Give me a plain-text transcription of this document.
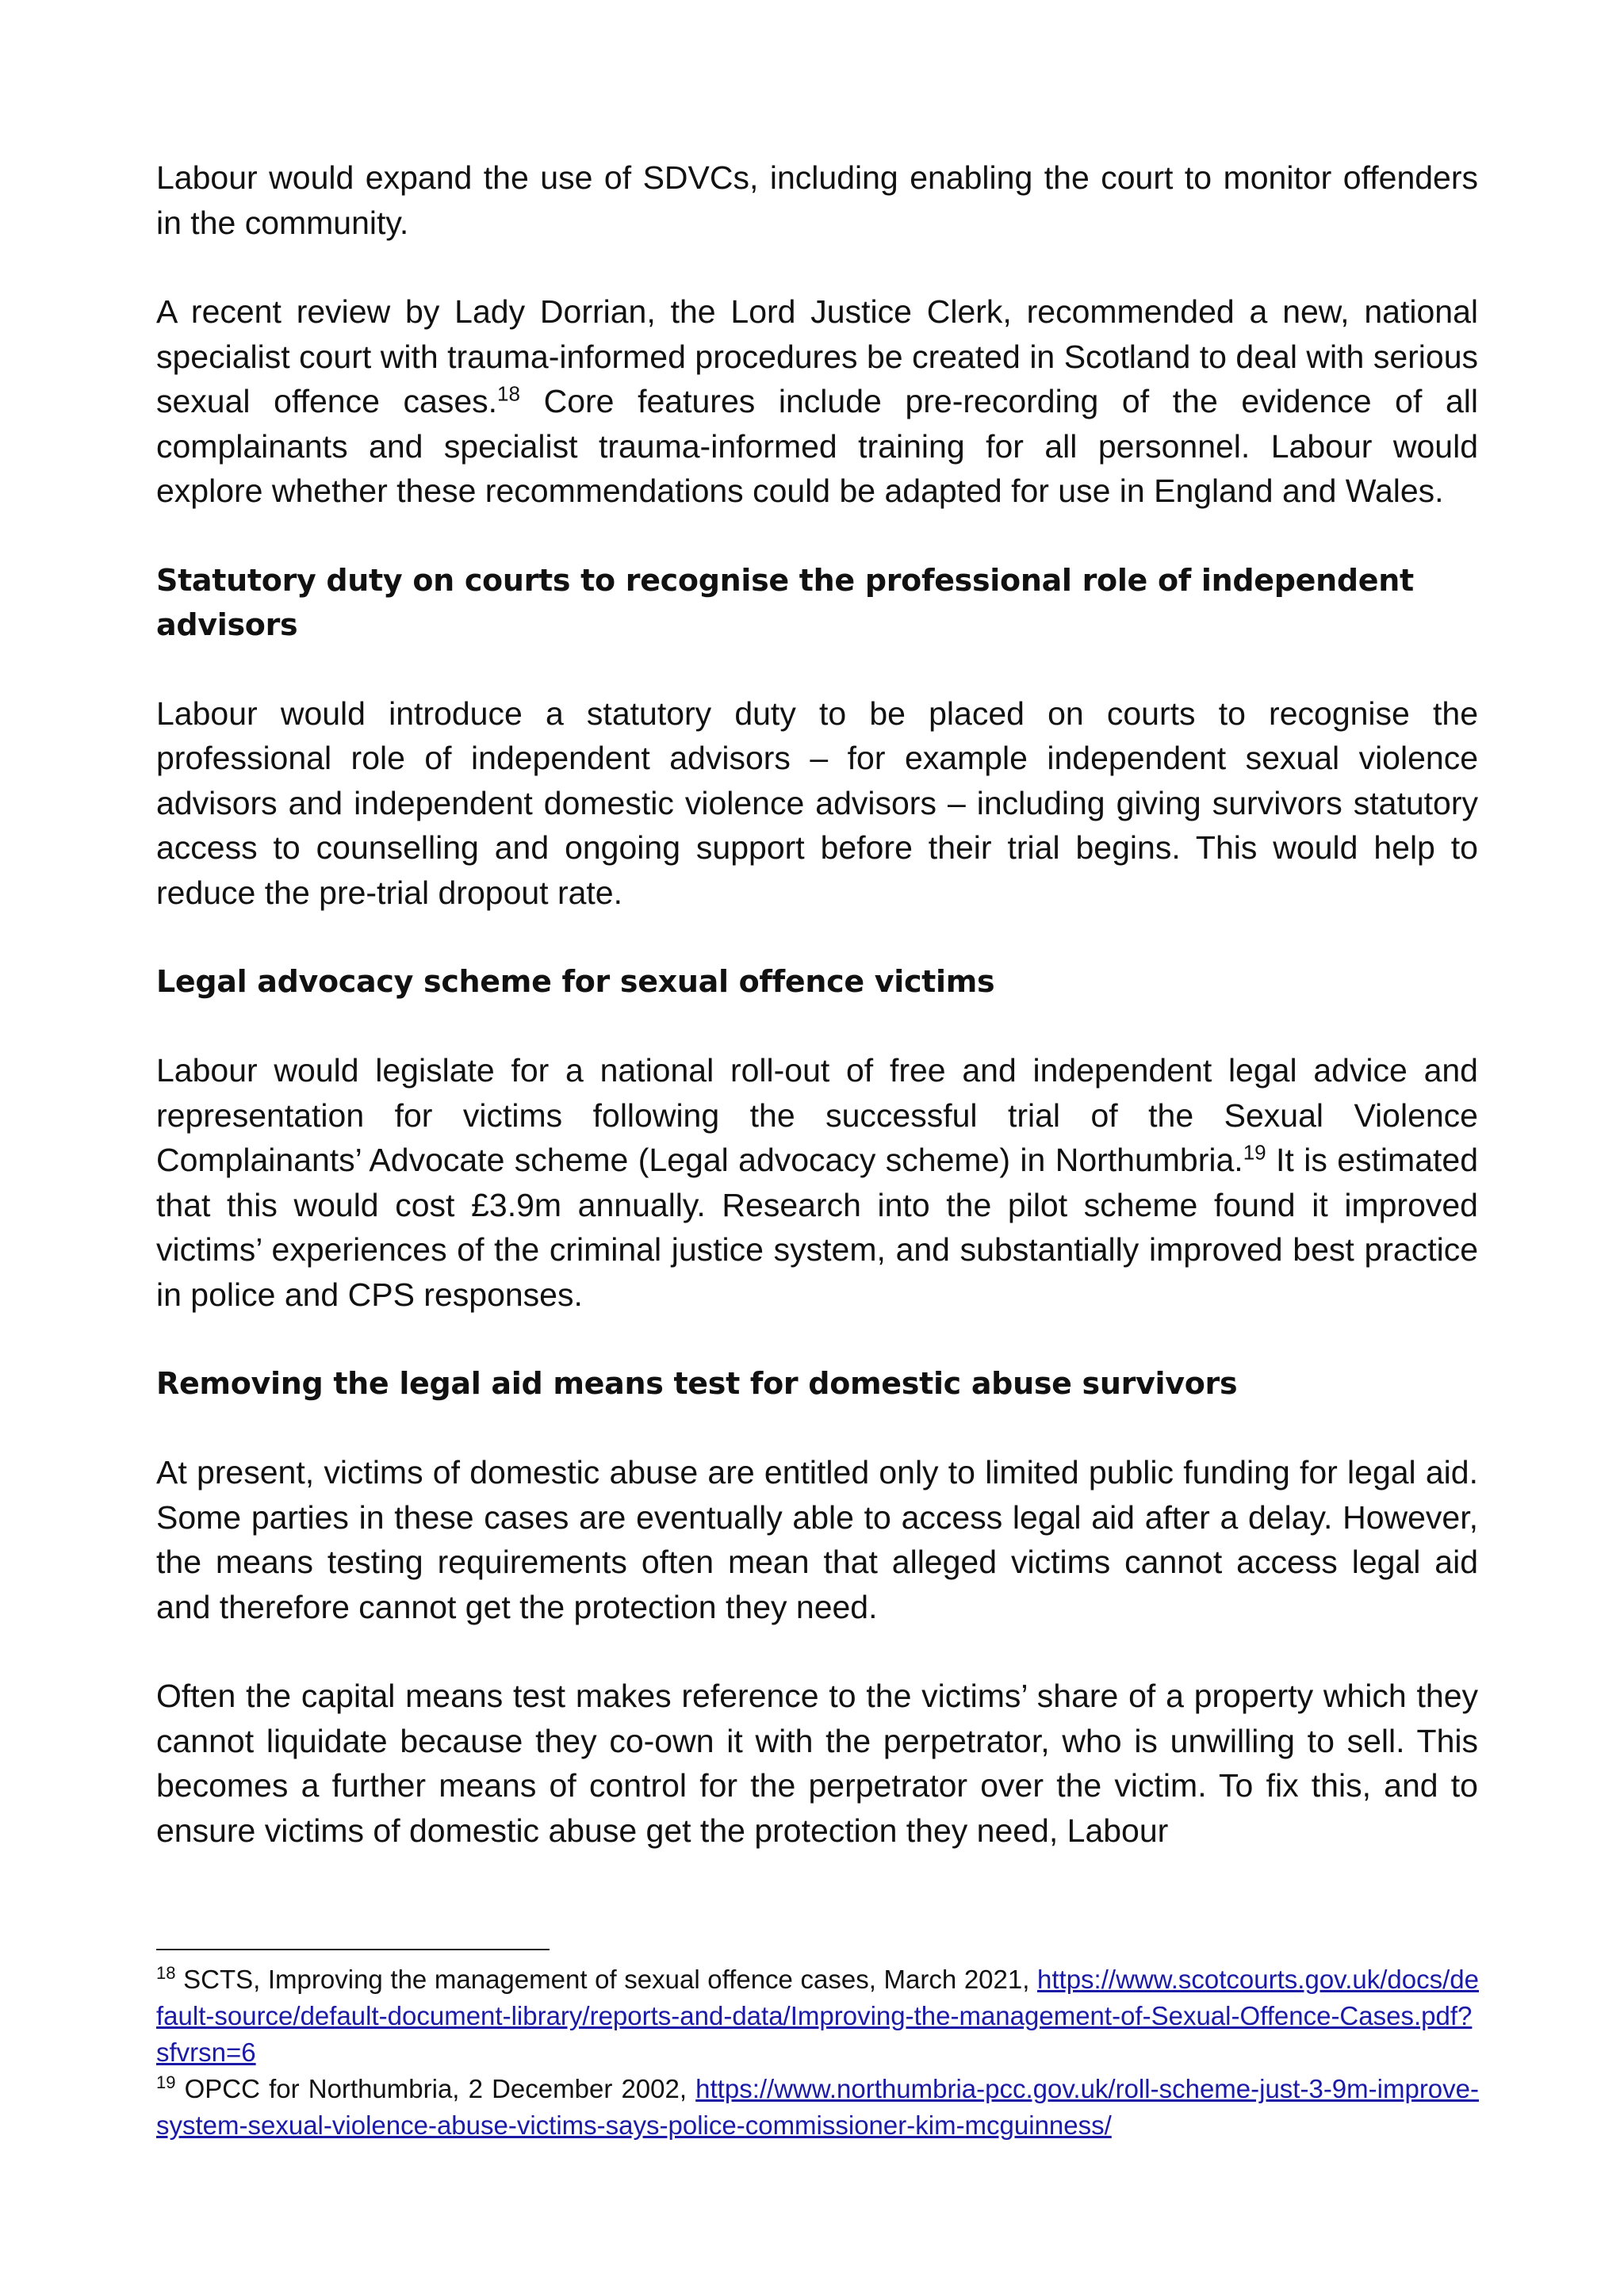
Labour would expand the use of SDVCs, including enabling the court to monitor offenders in the community.

A recent review by Lady Dorrian, the Lord Justice Clerk, recommended a new, national specialist court with trauma-informed procedures be created in Scotland to deal with serious sexual offence cases.$^{18}$ Core features include pre-recording of the evidence of all complainants and specialist trauma-informed training for all personnel. Labour would explore whether these recommendations could be adapted for use in England and Wales.

Statutory duty on courts to recognise the professional role of independent advisors

Labour would introduce a statutory duty to be placed on courts to recognise the professional role of independent advisors – for example independent sexual violence advisors and independent domestic violence advisors – including giving survivors statutory access to counselling and ongoing support before their trial begins. This would help to reduce the pre-trial dropout rate.

Legal advocacy scheme for sexual offence victims

Labour would legislate for a national roll-out of free and independent legal advice and representation for victims following the successful trial of the Sexual Violence Complainants’ Advocate scheme (Legal advocacy scheme) in Northumbria.$^{19}$ It is estimated that this would cost £3.9m annually. Research into the pilot scheme found it improved victims’ experiences of the criminal justice system, and substantially improved best practice in police and CPS responses.

Removing the legal aid means test for domestic abuse survivors

At present, victims of domestic abuse are entitled only to limited public funding for legal aid. Some parties in these cases are eventually able to access legal aid after a delay. However, the means testing requirements often mean that alleged victims cannot access legal aid and therefore cannot get the protection they need.

Often the capital means test makes reference to the victims’ share of a property which they cannot liquidate because they co-own it with the perpetrator, who is unwilling to sell. This becomes a further means of control for the perpetrator over the victim. To fix this, and to ensure victims of domestic abuse get the protection they need, Labour

$^{18}$ SCTS, Improving the management of sexual offence cases, March 2021, https://www.scotcourts.gov.uk/docs/default-source/default-document-library/reports-and-data/Improving-the-management-of-Sexual-Offence-Cases.pdf?sfvrsn=6

$^{19}$ OPCC for Northumbria, 2 December 2002, https://www.northumbria-pcc.gov.uk/roll-scheme-just-3-9m-improve-system-sexual-violence-abuse-victims-says-police-commissioner-kim-mcguinness/
